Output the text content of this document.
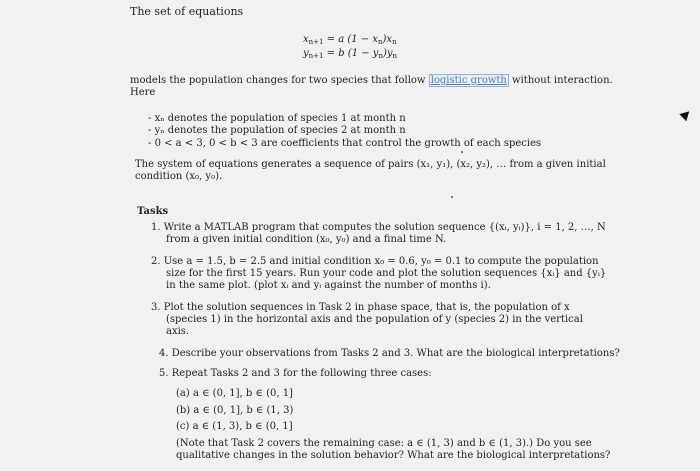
The set of equations
$x_{n+1} = a$ $(1 - x_n)x_n$
$y_{n+1} = b$ $(1 - y_n)y_n$
models the population changes for two species that follow logistic growth without interaction.
Here
- xₙ denotes the population of species 1 at month n
- yₙ denotes the population of species 2 at month n
- 0 < a < 3, 0 < b < 3 are coefficients that control the growth of each species
The system of equations generates a sequence of pairs (x₁, y₁), (x₂, y₂), … from a given initial
condition (x₀, y₀).
Tasks
1. Write a MATLAB program that computes the solution sequence {(xᵢ, yᵢ)}, i = 1, 2, …, N
from a given initial condition (x₀, y₀) and a final time N.
2. Use a = 1.5, b = 2.5 and initial condition x₀ = 0.6, y₀ = 0.1 to compute the population
size for the first 15 years. Run your code and plot the solution sequences {xᵢ} and {yᵢ}
in the same plot. (plot xᵢ and yᵢ against the number of months i).
3. Plot the solution sequences in Task 2 in phase space, that is, the population of x
(species 1) in the horizontal axis and the population of y (species 2) in the vertical
axis.
4. Describe your observations from Tasks 2 and 3. What are the biological interpretations?
5. Repeat Tasks 2 and 3 for the following three cases:
(a) a ∈ (0, 1], b ∈ (0, 1]
(b) a ∈ (0, 1], b ∈ (1, 3)
(c) a ∈ (1, 3), b ∈ (0, 1]
(Note that Task 2 covers the remaining case: a ∈ (1, 3) and b ∈ (1, 3).) Do you see
qualitative changes in the solution behavior? What are the biological interpretations?
